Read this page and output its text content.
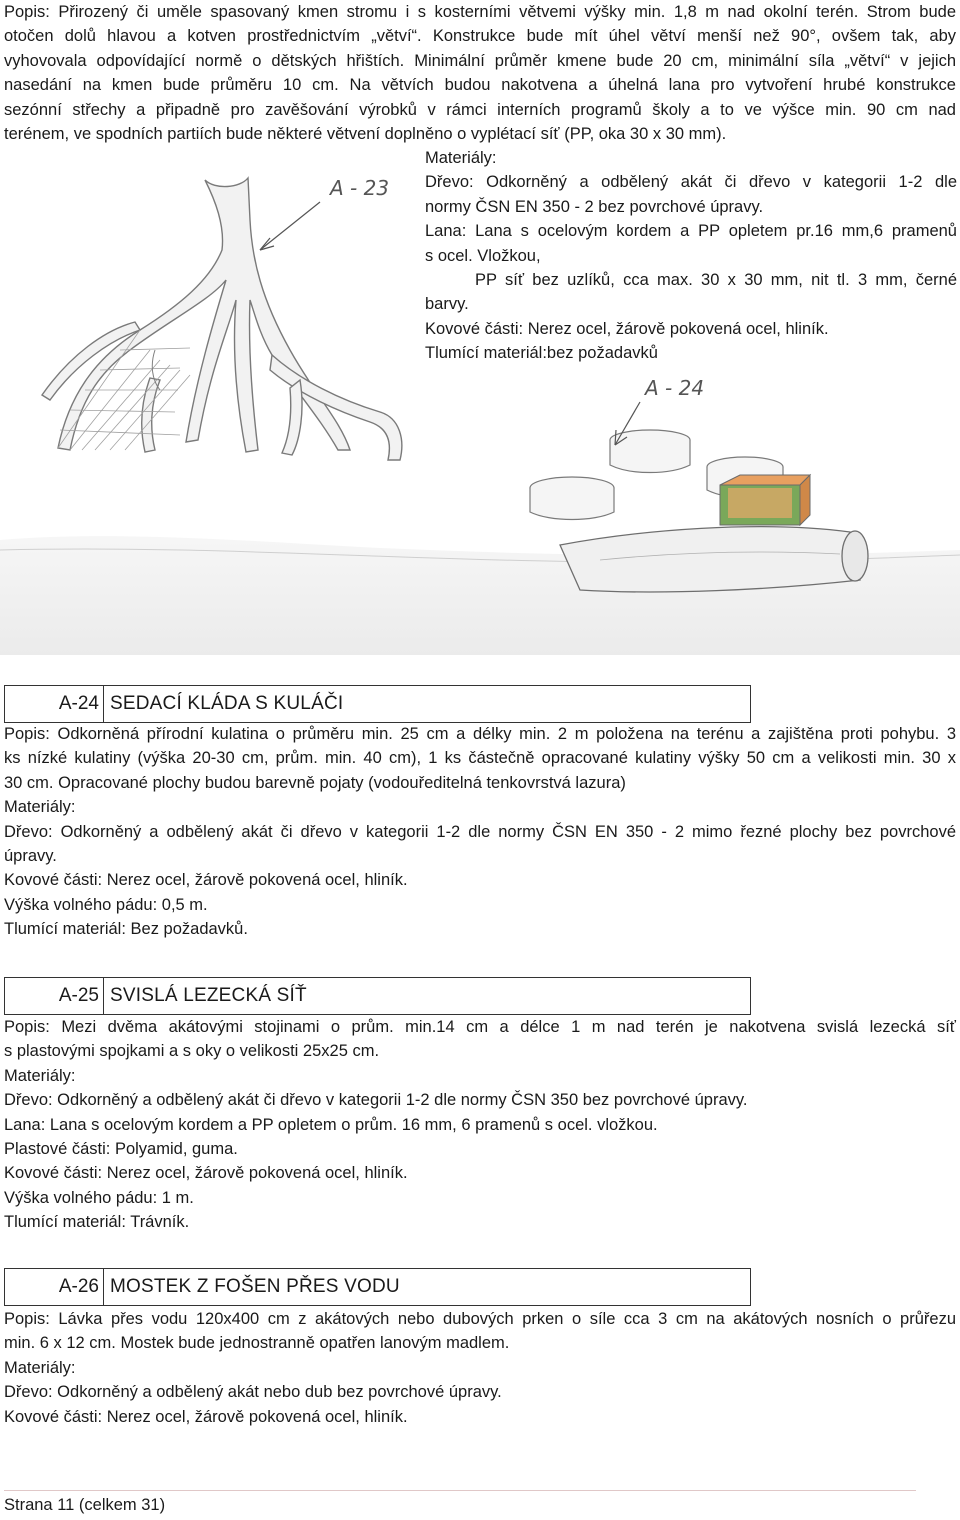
Popis: Přirozený či uměle spasovaný kmen stromu i s kosterními větvemi výšky min. 1,8 m nad okolní terén. Strom bude
otočen dolů hlavou a kotven prostřednictvím „větví“. Konstrukce bude mít úhel větví menší než 90°, ovšem tak, aby
vyhovovala odpovídající normě o dětských hřištích. Minimální průměr kmene bude 20 cm, minimální síla „větví“ v jejich
nasedání na kmen bude průměru 10 cm. Na větvích budou nakotvena a úhelná lana pro vytvoření hrubé konstrukce
sezónní střechy a připadně pro zavěšování výrobků v rámci interních programů školy a to ve výšce min. 90 cm nad
terénem, ve spodních partiích bude některé větvení doplněno o vyplétací síť (PP, oka 30 x 30 mm).
A - 23
A - 24
Materiály:
Dřevo: Odkorněný a odbělený akát či dřevo v kategorii 1-2 dle
normy ČSN EN 350 - 2 bez povrchové úpravy.
Lana: Lana s ocelovým kordem a PP opletem pr.16 mm,6 pramenů
s ocel. Vložkou,
PP síť bez uzlíků, cca max. 30 x 30 mm, nit tl. 3 mm, černé
barvy.
Kovové části: Nerez ocel, žárově pokovená ocel, hliník.
Tlumící materiál:bez požadavků
A-24 SEDACÍ KLÁDA S KULÁČI
Popis: Odkorněná přírodní kulatina o průměru min. 25 cm a délky min. 2 m položena na terénu a zajištěna proti pohybu. 3
ks nízké kulatiny (výška 20-30 cm, prům. min. 40 cm), 1 ks částečně opracované kulatiny výšky 50 cm a velikosti min. 30 x
30 cm. Opracované plochy budou barevně pojaty (vodouředitelná tenkovrstvá lazura)
Materiály:
Dřevo: Odkorněný a odbělený akát či dřevo v kategorii 1-2 dle normy ČSN EN 350 - 2 mimo řezné plochy bez povrchové
úpravy.
Kovové části: Nerez ocel, žárově pokovená ocel, hliník.
Výška volného pádu: 0,5 m.
Tlumící materiál: Bez požadavků.
A-25 SVISLÁ LEZECKÁ SÍŤ
Popis: Mezi dvěma akátovými stojinami o prům. min.14 cm a délce 1 m nad terén je nakotvena svislá lezecká síť
s plastovými spojkami a s oky o velikosti 25x25 cm.
Materiály:
Dřevo: Odkorněný a odbělený akát či dřevo v kategorii 1-2 dle normy ČSN 350 bez povrchové úpravy.
Lana: Lana s ocelovým kordem a PP opletem o prům. 16 mm, 6 pramenů s ocel. vložkou.
Plastové části: Polyamid, guma.
Kovové části: Nerez ocel, žárově pokovená ocel, hliník.
Výška volného pádu: 1 m.
Tlumící materiál: Trávník.
A-26 MOSTEK Z FOŠEN PŘES VODU
Popis: Lávka přes vodu 120x400 cm z akátových nebo dubových prken o síle cca 3 cm na akátových nosních o průřezu
min. 6 x 12 cm. Mostek bude jednostranně opatřen lanovým madlem.
Materiály:
Dřevo: Odkorněný a odbělený akát nebo dub bez povrchové úpravy.
Kovové části: Nerez ocel, žárově pokovená ocel, hliník.
Strana 11 (celkem 31)
